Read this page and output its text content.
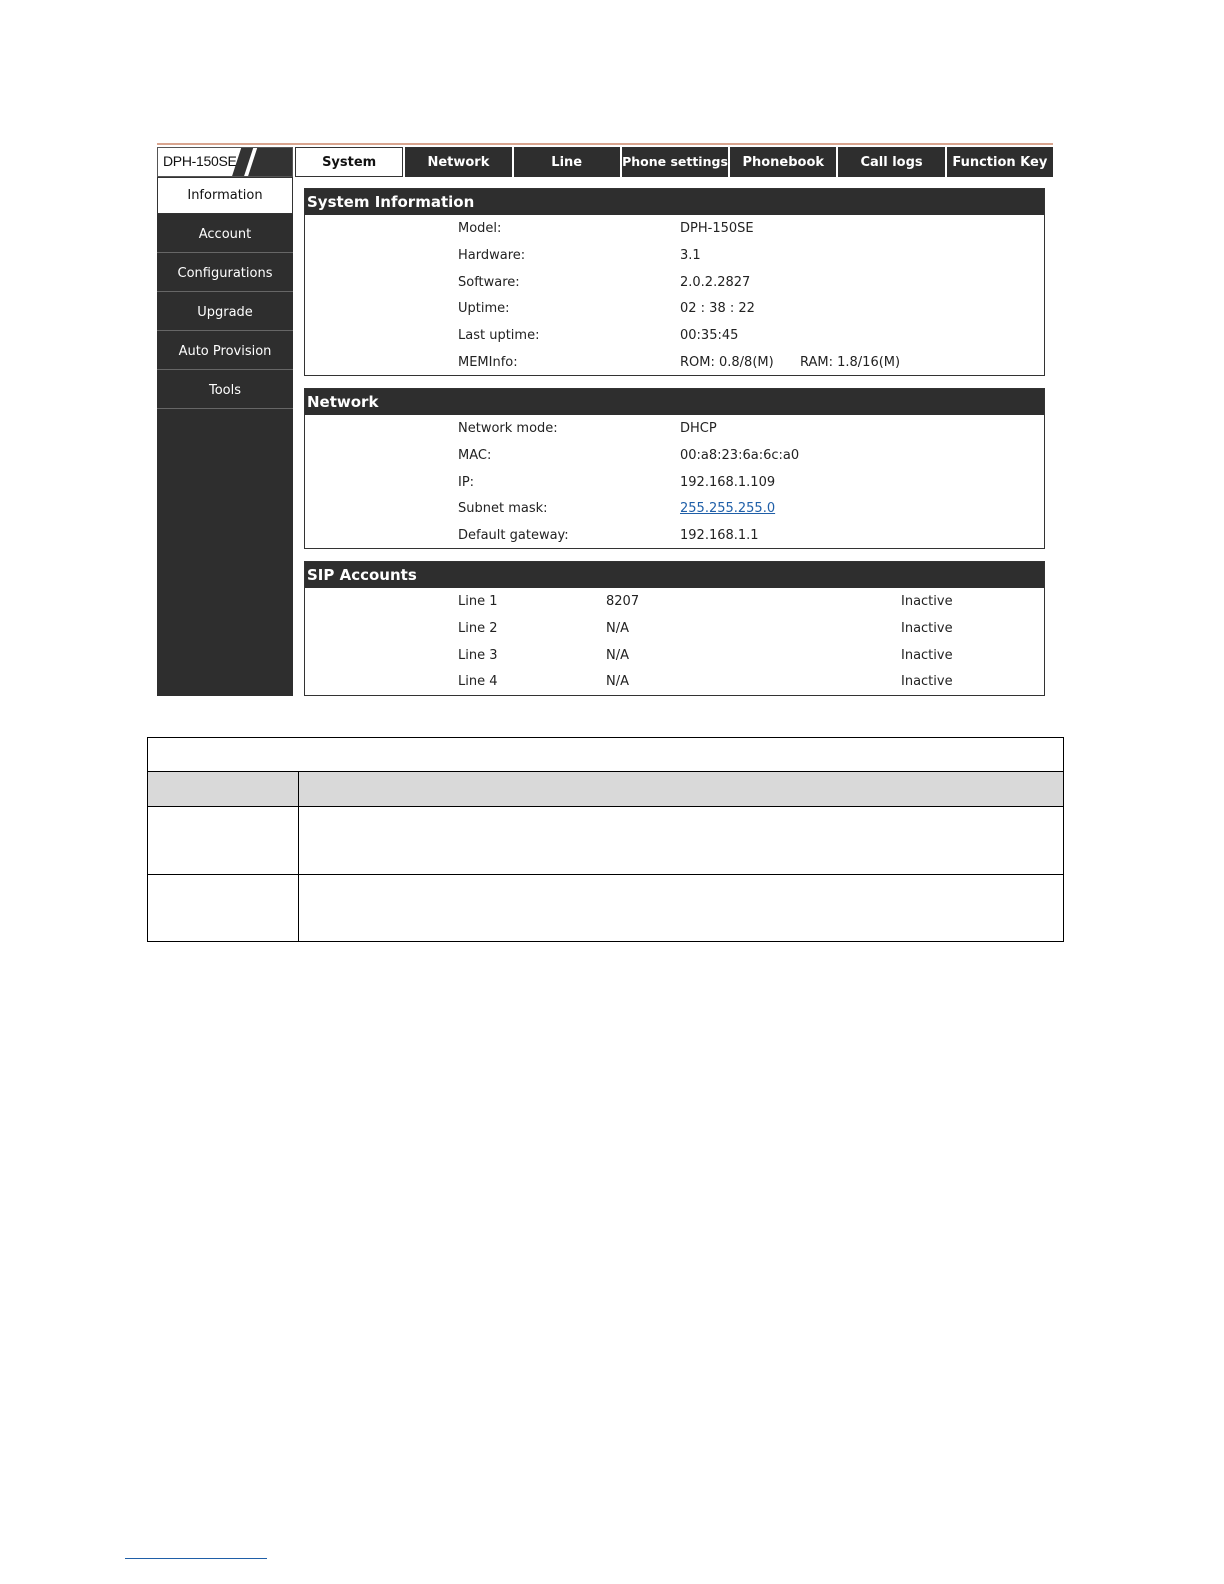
DPH-150SE	System	Network	Line	Phone settings	Phonebook	Call logs	Function Key
Information
Account
Configurations
Upgrade
Auto Provision
Tools
System Information
Model:	DPH-150SE
Hardware:	3.1
Software:	2.0.2.2827
Uptime:	02 : 38 : 22
Last uptime:	00:35:45
MEMInfo:	ROM: 0.8/8(M) RAM: 1.8/16(M)
Network
Network mode:	DHCP
MAC:	00:a8:23:6a:6c:a0
IP:	192.168.1.109
Subnet mask:	255.255.255.0
Default gateway:	192.168.1.1
SIP Accounts
Line 1	8207	Inactive
Line 2	N/A	Inactive
Line 3	N/A	Inactive
Line 4	N/A	Inactive
